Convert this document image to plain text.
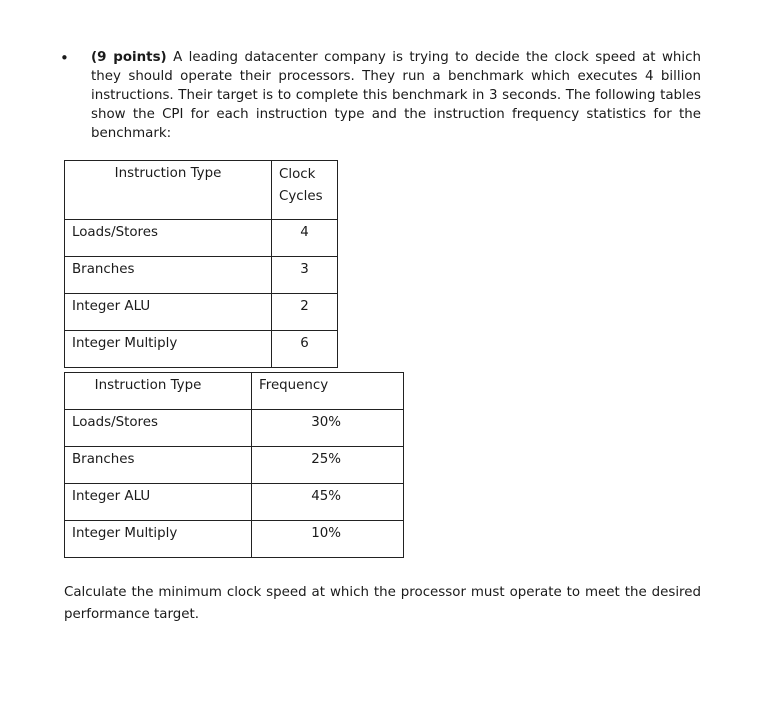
• (9 points) A leading datacenter company is trying to decide the clock speed at which they should operate their processors. They run a benchmark which executes 4 billion instructions. Their target is to complete this benchmark in 3 seconds. The following tables show the CPI for each instruction type and the instruction frequency statistics for the benchmark:

Instruction Type	Clock
Cycles
Loads/Stores	4
Branches	3
Integer ALU	2
Integer Multiply	6
Instruction Type	Frequency
Loads/Stores	30%
Branches	25%
Integer ALU	45%
Integer Multiply	10%

Calculate the minimum clock speed at which the processor must operate to meet the desired performance target.
